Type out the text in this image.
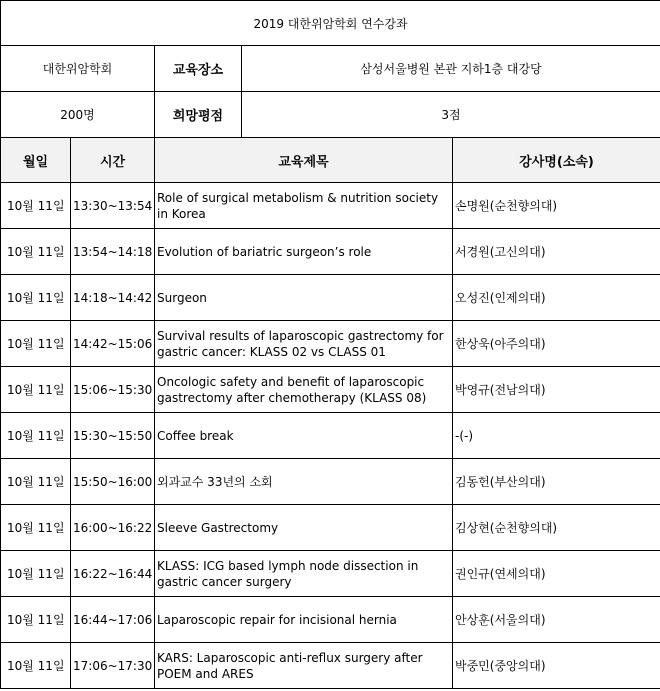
2019 대한위암학회 연수강좌				
대한위암학회		교육장소	삼성서울병원 본관 지하1층 대강당	
200명		희망평점	3점	
월일	시간	교육제목		강사명(소속)
10월 11일	13:30~13:54	Role of surgical metabolism & nutrition society in Korea		손명원(순천향의대)
10월 11일	13:54~14:18	Evolution of bariatric surgeon’s role		서경원(고신의대)
10월 11일	14:18~14:42	Surgeon		오성진(인제의대)
10월 11일	14:42~15:06	Survival results of laparoscopic gastrectomy for gastric cancer: KLASS 02 vs CLASS 01		한상욱(아주의대)
10월 11일	15:06~15:30	Oncologic safety and benefit of laparoscopic gastrectomy after chemotherapy (KLASS 08)		박영규(전남의대)
10월 11일	15:30~15:50	Coffee break		-(-)
10월 11일	15:50~16:00	외과교수 33년의 소회		김동헌(부산의대)
10월 11일	16:00~16:22	Sleeve Gastrectomy		김상현(순천향의대)
10월 11일	16:22~16:44	KLASS: ICG based lymph node dissection in gastric cancer surgery		권인규(연세의대)
10월 11일	16:44~17:06	Laparoscopic repair for incisional hernia		안상훈(서울의대)
10월 11일	17:06~17:30	KARS: Laparoscopic anti-reflux surgery after POEM and ARES		박중민(중앙의대)
